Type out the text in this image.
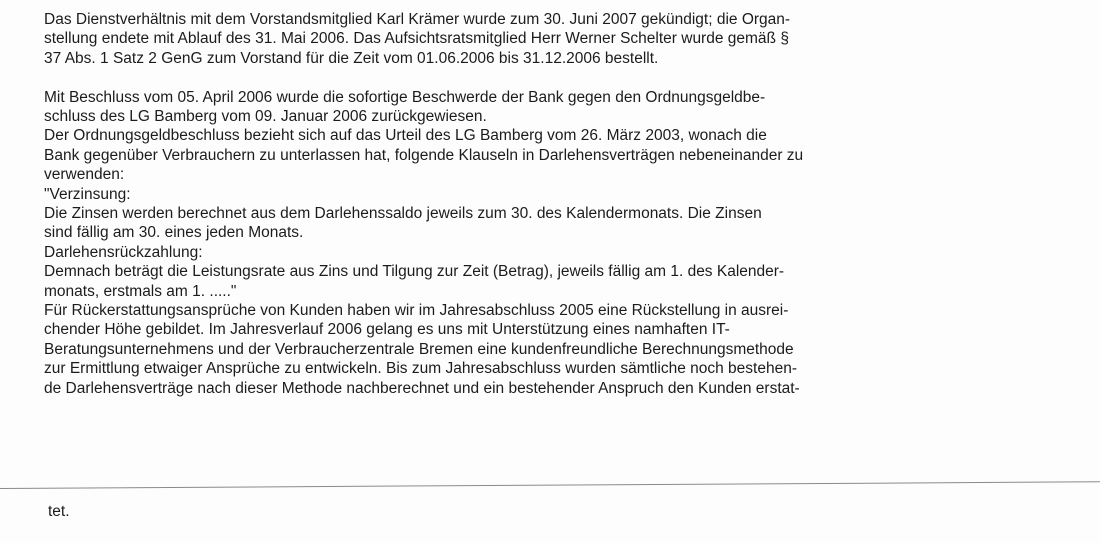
Das Dienstverhältnis mit dem Vorstandsmitglied Karl Krämer wurde zum 30. Juni 2007 gekündigt; die Organ-
stellung endete mit Ablauf des 31. Mai 2006. Das Aufsichtsratsmitglied Herr Werner Schelter wurde gemäß §
37 Abs. 1 Satz 2 GenG zum Vorstand für die Zeit vom 01.06.2006 bis 31.12.2006 bestellt.
Mit Beschluss vom 05. April 2006 wurde die sofortige Beschwerde der Bank gegen den Ordnungsgeldbe-
schluss des LG Bamberg vom 09. Januar 2006 zurückgewiesen.
Der Ordnungsgeldbeschluss bezieht sich auf das Urteil des LG Bamberg vom 26. März 2003, wonach die
Bank gegenüber Verbrauchern zu unterlassen hat, folgende Klauseln in Darlehensverträgen nebeneinander zu
verwenden:
"Verzinsung:
Die Zinsen werden berechnet aus dem Darlehenssaldo jeweils zum 30. des Kalendermonats. Die Zinsen
sind fällig am 30. eines jeden Monats.
Darlehensrückzahlung:
Demnach beträgt die Leistungsrate aus Zins und Tilgung zur Zeit (Betrag), jeweils fällig am 1. des Kalender-
monats, erstmals am 1. ....."
Für Rückerstattungsansprüche von Kunden haben wir im Jahresabschluss 2005 eine Rückstellung in ausrei-
chender Höhe gebildet. Im Jahresverlauf 2006 gelang es uns mit Unterstützung eines namhaften IT-
Beratungsunternehmens und der Verbraucherzentrale Bremen eine kundenfreundliche Berechnungsmethode
zur Ermittlung etwaiger Ansprüche zu entwickeln. Bis zum Jahresabschluss wurden sämtliche noch bestehen-
de Darlehensverträge nach dieser Methode nachberechnet und ein bestehender Anspruch den Kunden erstat-
tet.
